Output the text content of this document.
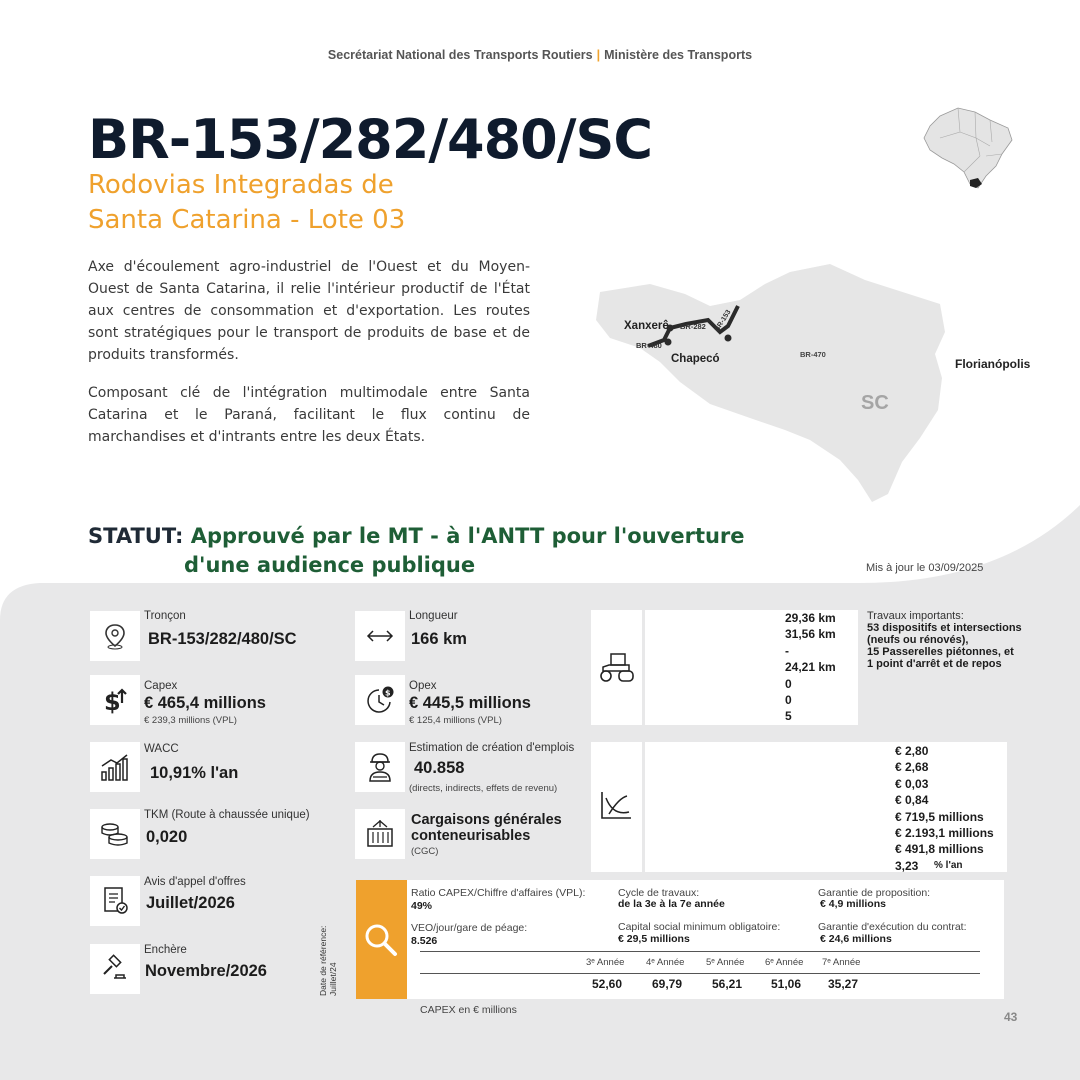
Secrétariat National des Transports Routiers | Ministère des Transports
BR-153/282/480/SC
Rodovias Integradas de
Santa Catarina - Lote 03

Axe d'écoulement agro-industriel de l'Ouest et du Moyen-Ouest de Santa Catarina, il relie l'intérieur productif de l'État aux centres de consommation et d'exportation. Les routes sont stratégiques pour le transport de produits de base et de produits transformés.

Composant clé de l'intégration multimodale entre Santa Catarina et le Paraná, facilitant le flux continu de marchandises et d'intrants entre les deux États.

Xanxerê
Chapecó
BR-282 BR-153
BR-480
BR-470
SC
Florianópolis
STATUT: Approuvé par le MT - à l'ANTT pour l'ouverture
d'une audience publique	Mis à jour le 03/09/2025
Tronçon
BR-153/282/480/SC
$
Capex
€ 465,4 millions
€ 239,3 millions (VPL)
WACC
10,91% l'an
TKM (Route à chaussée unique)
0,020
Avis d'appel d'offres
Juillet/2026
Enchère
Novembre/2026
Longueur
166 km
$
Opex
€ 445,5 millions
€ 125,4 millions (VPL)
Estimation de création d'emplois
40.858
(directs, indirects, effets de revenu)
Cargaisons générales
conteneurisables
(CGC)
29,36 km
31,56 km
-
24,21 km
0
0
5
Travaux importants:
53 dispositifs et intersections
(neufs ou rénovés),
15 Passerelles piétonnes, et
1 point d'arrêt et de repos
€ 2,80
€ 2,68
€ 0,03
€ 0,84
€ 719,5 millions
€ 2.193,1 millions
€ 491,8 millions
3,23 % l'an
Date de référence: Juillet/24
Ratio CAPEX/Chiffre d'affaires (VPL):
49%
VEO/jour/gare de péage:
8.526
Cycle de travaux:
de la 3e à la 7e année
Capital social minimum obligatoire:
€ 29,5 millions
Garantie de proposition:
€ 4,9 millions
Garantie d'exécution du contrat:
€ 24,6 millions
3ᵉ Année
52,60
4ᵉ Année
69,79
5ᵉ Année
56,21
6ᵉ Année
51,06
7ᵉ Année
35,27
CAPEX en € millions	43
